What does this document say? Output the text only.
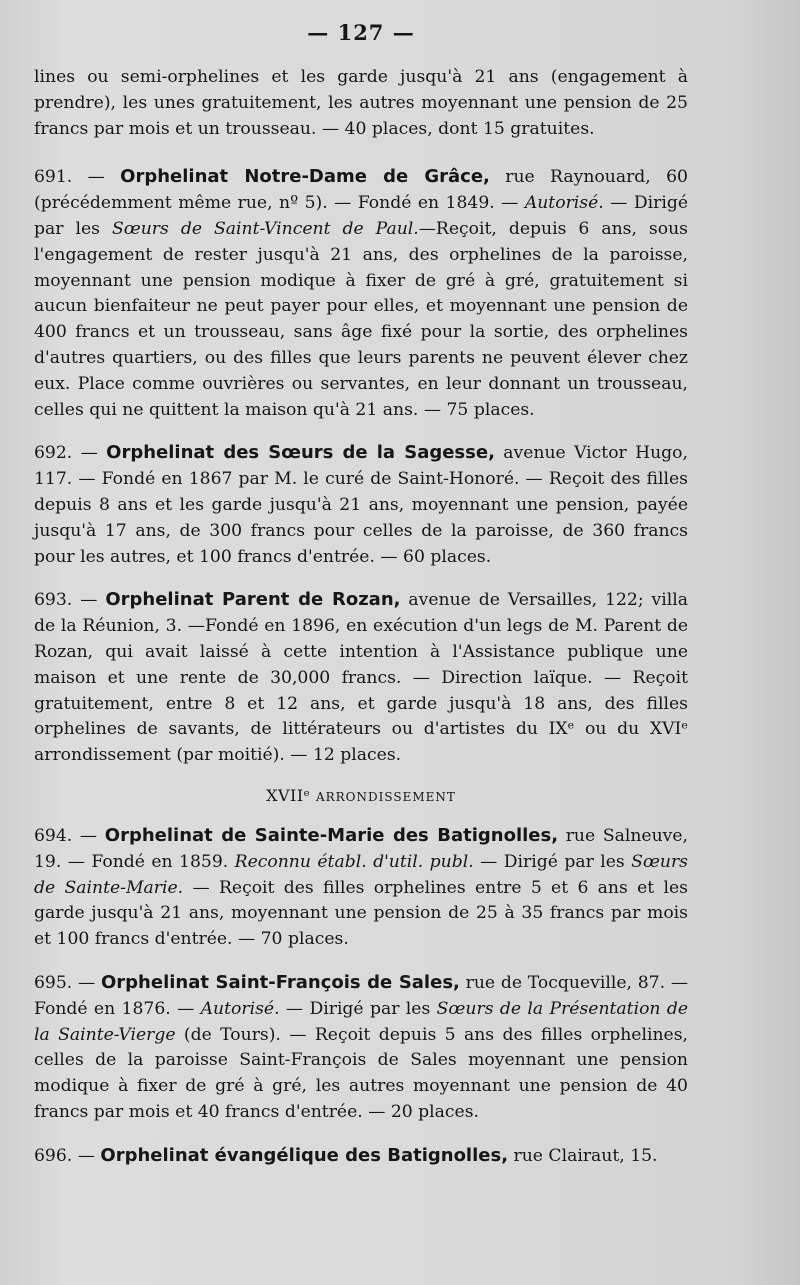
— 127 —

lines ou semi-orphelines et les garde jusqu'à 21 ans (engagement à prendre), les unes gratuitement, les autres moyennant une pension de 25 francs par mois et un trousseau. — 40 places, dont 15 gratuites.

691. — Orphelinat Notre-Dame de Grâce, rue Raynouard, 60 (précédemment même rue, nº 5). — Fondé en 1849. — Autorisé. — Dirigé par les Sœurs de Saint-Vincent de Paul.—Reçoit, depuis 6 ans, sous l'engagement de rester jusqu'à 21 ans, des orphelines de la paroisse, moyennant une pension modique à fixer de gré à gré, gratuitement si aucun bienfaiteur ne peut payer pour elles, et moyennant une pension de 400 francs et un trousseau, sans âge fixé pour la sortie, des orphelines d'autres quartiers, ou des filles que leurs parents ne peuvent élever chez eux. Place comme ouvrières ou servantes, en leur donnant un trousseau, celles qui ne quittent la maison qu'à 21 ans. — 75 places.

692. — Orphelinat des Sœurs de la Sagesse, avenue Victor Hugo, 117. — Fondé en 1867 par M. le curé de Saint-Honoré. — Reçoit des filles depuis 8 ans et les garde jusqu'à 21 ans, moyennant une pension, payée jusqu'à 17 ans, de 300 francs pour celles de la paroisse, de 360 francs pour les autres, et 100 francs d'entrée. — 60 places.

693. — Orphelinat Parent de Rozan, avenue de Versailles, 122; villa de la Réunion, 3. —Fondé en 1896, en exécution d'un legs de M. Parent de Rozan, qui avait laissé à cette intention à l'Assistance publique une maison et une rente de 30,000 francs. — Direction laïque. — Reçoit gratuitement, entre 8 et 12 ans, et garde jusqu'à 18 ans, des filles orphelines de savants, de littérateurs ou d'artistes du IXᵉ ou du XVIᵉ arrondissement (par moitié). — 12 places.

XVIIᵉ ARRONDISSEMENT

694. — Orphelinat de Sainte-Marie des Batignolles, rue Salneuve, 19. — Fondé en 1859. Reconnu établ. d'util. publ. — Dirigé par les Sœurs de Sainte-Marie. — Reçoit des filles orphelines entre 5 et 6 ans et les garde jusqu'à 21 ans, moyennant une pension de 25 à 35 francs par mois et 100 francs d'entrée. — 70 places.

695. — Orphelinat Saint-François de Sales, rue de Tocqueville, 87. — Fondé en 1876. — Autorisé. — Dirigé par les Sœurs de la Présentation de la Sainte-Vierge (de Tours). — Reçoit depuis 5 ans des filles orphelines, celles de la paroisse Saint-François de Sales moyennant une pension modique à fixer de gré à gré, les autres moyennant une pension de 40 francs par mois et 40 francs d'entrée. — 20 places.

696. — Orphelinat évangélique des Batignolles, rue Clairaut, 15.
